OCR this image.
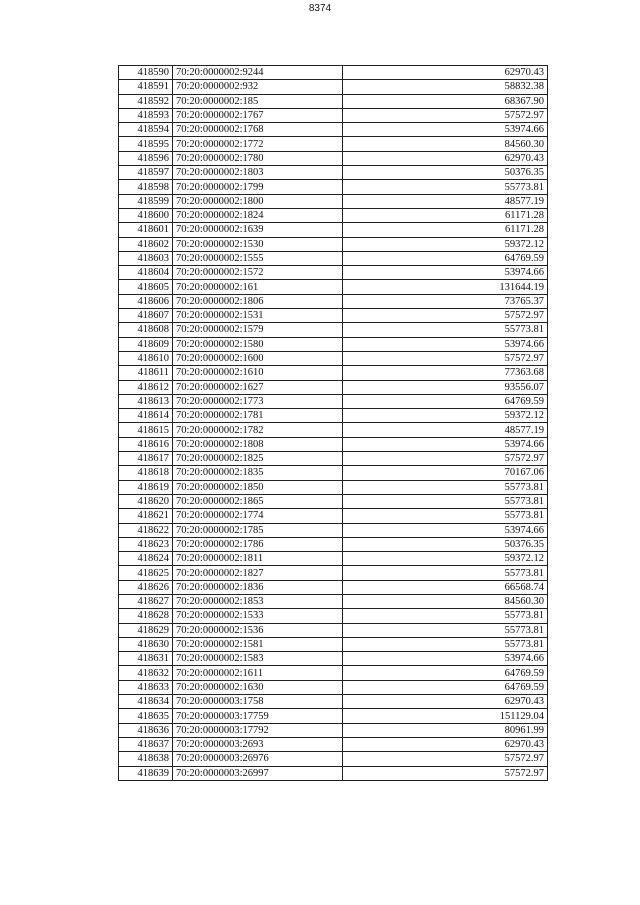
8374
418590	70:20:0000002:9244	62970.43
418591	70:20:0000002:932	58832.38
418592	70:20:0000002:185	68367.90
418593	70:20:0000002:1767	57572.97
418594	70:20:0000002:1768	53974.66
418595	70:20:0000002:1772	84560.30
418596	70:20:0000002:1780	62970.43
418597	70:20:0000002:1803	50376.35
418598	70:20:0000002:1799	55773.81
418599	70:20:0000002:1800	48577.19
418600	70:20:0000002:1824	61171.28
418601	70:20:0000002:1639	61171.28
418602	70:20:0000002:1530	59372.12
418603	70:20:0000002:1555	64769.59
418604	70:20:0000002:1572	53974.66
418605	70:20:0000002:161	131644.19
418606	70:20:0000002:1806	73765.37
418607	70:20:0000002:1531	57572.97
418608	70:20:0000002:1579	55773.81
418609	70:20:0000002:1580	53974.66
418610	70:20:0000002:1600	57572.97
418611	70:20:0000002:1610	77363.68
418612	70:20:0000002:1627	93556.07
418613	70:20:0000002:1773	64769.59
418614	70:20:0000002:1781	59372.12
418615	70:20:0000002:1782	48577.19
418616	70:20:0000002:1808	53974.66
418617	70:20:0000002:1825	57572.97
418618	70:20:0000002:1835	70167.06
418619	70:20:0000002:1850	55773.81
418620	70:20:0000002:1865	55773.81
418621	70:20:0000002:1774	55773.81
418622	70:20:0000002:1785	53974.66
418623	70:20:0000002:1786	50376.35
418624	70:20:0000002:1811	59372.12
418625	70:20:0000002:1827	55773.81
418626	70:20:0000002:1836	66568.74
418627	70:20:0000002:1853	84560.30
418628	70:20:0000002:1533	55773.81
418629	70:20:0000002:1536	55773.81
418630	70:20:0000002:1581	55773.81
418631	70:20:0000002:1583	53974.66
418632	70:20:0000002:1611	64769.59
418633	70:20:0000002:1630	64769.59
418634	70:20:0000003:1758	62970.43
418635	70:20:0000003:17759	151129.04
418636	70:20:0000003:17792	80961.99
418637	70:20:0000003:2693	62970.43
418638	70:20:0000003:26976	57572.97
418639	70:20:0000003:26997	57572.97
